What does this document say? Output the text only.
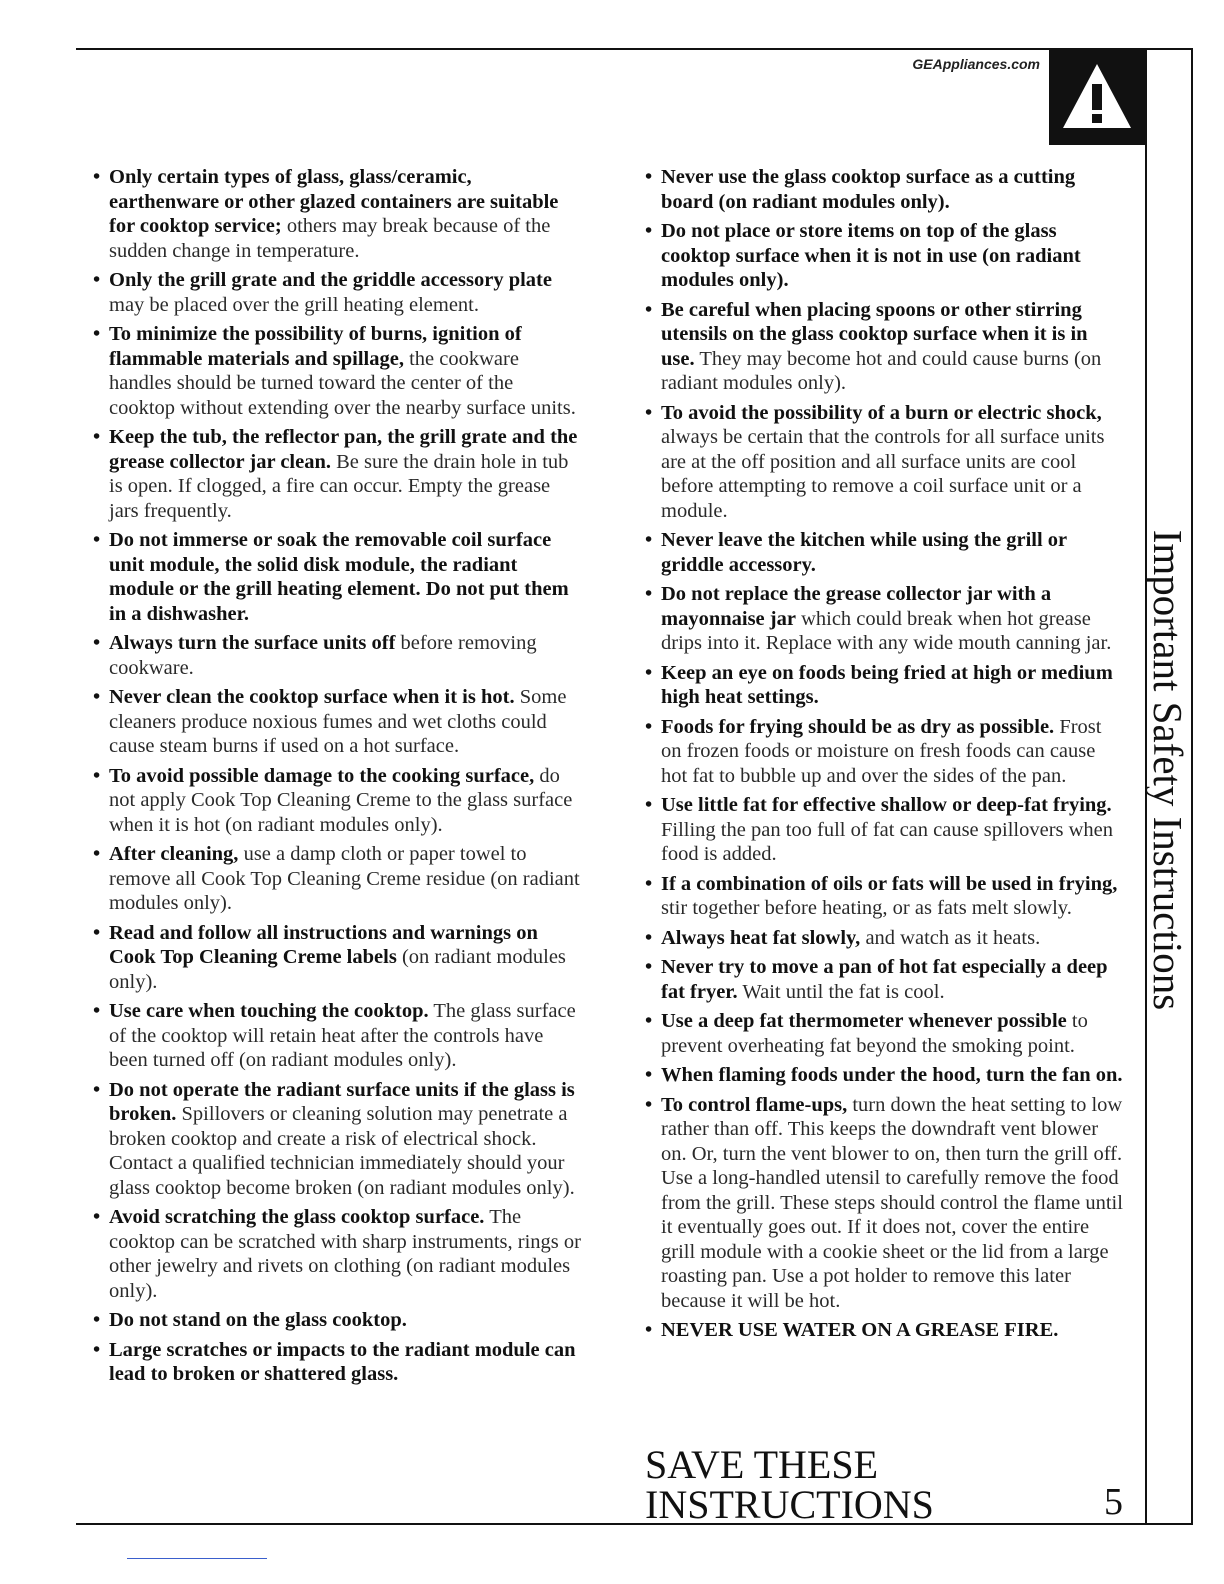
Important Safety Instructions
GEAppliances.com
• Only certain types of glass, glass/ceramic, earthenware or other glazed containers are suitable for cooktop service; others may break because of the sudden change in temperature.
• Only the grill grate and the griddle accessory plate may be placed over the grill heating element.
• To minimize the possibility of burns, ignition of flammable materials and spillage, the cookware handles should be turned toward the center of the cooktop without extending over the nearby surface units.
• Keep the tub, the reflector pan, the grill grate and the grease collector jar clean. Be sure the drain hole in tub is open. If clogged, a fire can occur. Empty the grease jars frequently.
• Do not immerse or soak the removable coil surface unit module, the solid disk module, the radiant module or the grill heating element. Do not put them in a dishwasher.
• Always turn the surface units off before removing cookware.
• Never clean the cooktop surface when it is hot. Some cleaners produce noxious fumes and wet cloths could cause steam burns if used on a hot surface.
• To avoid possible damage to the cooking surface, do not apply Cook Top Cleaning Creme to the glass surface when it is hot (on radiant modules only).
• After cleaning, use a damp cloth or paper towel to remove all Cook Top Cleaning Creme residue (on radiant modules only).
• Read and follow all instructions and warnings on Cook Top Cleaning Creme labels (on radiant modules only).
• Use care when touching the cooktop. The glass surface of the cooktop will retain heat after the controls have been turned off (on radiant modules only).
• Do not operate the radiant surface units if the glass is broken. Spillovers or cleaning solution may penetrate a broken cooktop and create a risk of electrical shock. Contact a qualified technician immediately should your glass cooktop become broken (on radiant modules only).
• Avoid scratching the glass cooktop surface. The cooktop can be scratched with sharp instruments, rings or other jewelry and rivets on clothing (on radiant modules only).
• Do not stand on the glass cooktop.
• Large scratches or impacts to the radiant module can lead to broken or shattered glass.
• Never use the glass cooktop surface as a cutting board (on radiant modules only).
• Do not place or store items on top of the glass cooktop surface when it is not in use (on radiant modules only).
• Be careful when placing spoons or other stirring utensils on the glass cooktop surface when it is in use. They may become hot and could cause burns (on radiant modules only).
• To avoid the possibility of a burn or electric shock, always be certain that the controls for all surface units are at the off position and all surface units are cool before attempting to remove a coil surface unit or a module.
• Never leave the kitchen while using the grill or griddle accessory.
• Do not replace the grease collector jar with a mayonnaise jar which could break when hot grease drips into it. Replace with any wide mouth canning jar.
• Keep an eye on foods being fried at high or medium high heat settings.
• Foods for frying should be as dry as possible. Frost on frozen foods or moisture on fresh foods can cause hot fat to bubble up and over the sides of the pan.
• Use little fat for effective shallow or deep-fat frying. Filling the pan too full of fat can cause spillovers when food is added.
• If a combination of oils or fats will be used in frying, stir together before heating, or as fats melt slowly.
• Always heat fat slowly, and watch as it heats.
• Never try to move a pan of hot fat especially a deep fat fryer. Wait until the fat is cool.
• Use a deep fat thermometer whenever possible to prevent overheating fat beyond the smoking point.
• When flaming foods under the hood, turn the fan on.
• To control flame-ups, turn down the heat setting to low rather than off. This keeps the downdraft vent blower on. Or, turn the vent blower to on, then turn the grill off. Use a long-handled utensil to carefully remove the food from the grill. These steps should control the flame until it eventually goes out. If it does not, cover the entire grill module with a cookie sheet or the lid from a large roasting pan. Use a pot holder to remove this later because it will be hot.
• NEVER USE WATER ON A GREASE FIRE.
SAVE THESE
INSTRUCTIONS	5
